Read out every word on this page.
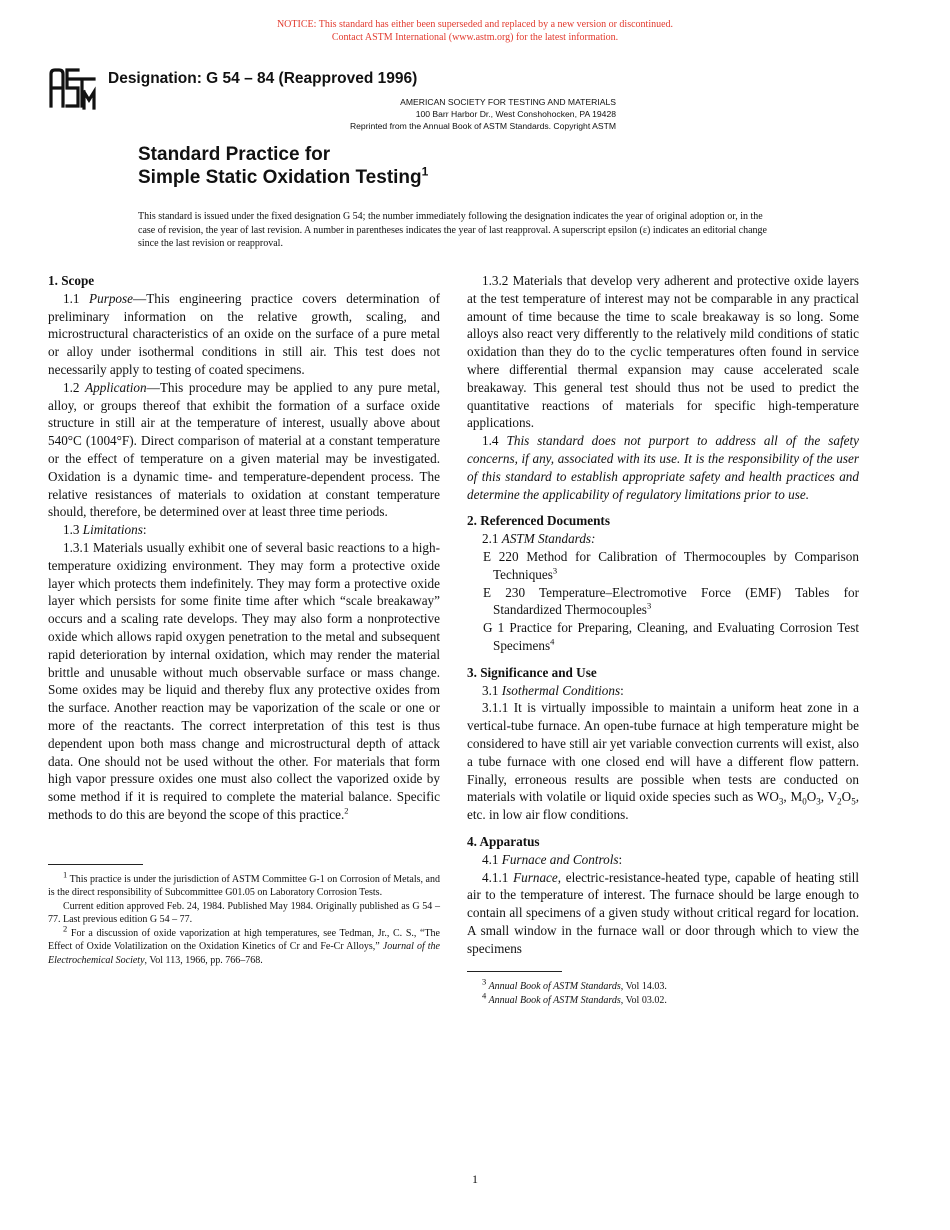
NOTICE: This standard has either been superseded and replaced by a new version or discontinued.
Contact ASTM International (www.astm.org) for the latest information.
ASTM
Designation: G 54 – 84 (Reapproved 1996)
AMERICAN SOCIETY FOR TESTING AND MATERIALS
100 Barr Harbor Dr., West Conshohocken, PA 19428
Reprinted from the Annual Book of ASTM Standards. Copyright ASTM
Standard Practice for
Simple Static Oxidation Testing$^1$
This standard is issued under the fixed designation G 54; the number immediately following the designation indicates the year of original adoption or, in the case of revision, the year of last revision. A number in parentheses indicates the year of last reapproval. A superscript epsilon (ε) indicates an editorial change since the last revision or reapproval.
1. Scope

1.1 Purpose—This engineering practice covers determination of preliminary information on the relative growth, scaling, and microstructural characteristics of an oxide on the surface of a pure metal or alloy under isothermal conditions in still air. This test does not necessarily apply to testing of coated specimens.

1.2 Application—This procedure may be applied to any pure metal, alloy, or groups thereof that exhibit the formation of a surface oxide structure in still air at the temperature of interest, usually above about 540°C (1004°F). Direct comparison of material at a constant temperature or the effect of temperature on a given material may be investigated. Oxidation is a dynamic time- and temperature-dependent process. The relative resistances of materials to oxidation at constant temperature should, therefore, be determined over at least three time periods.

1.3 Limitations:

1.3.1 Materials usually exhibit one of several basic reactions to a high-temperature oxidizing environment. They may form a protective oxide layer which protects them indefinitely. They may form a protective oxide layer which persists for some finite time after which “scale breakaway” occurs and a scaling rate develops. They may also form a nonprotective oxide which allows rapid oxygen penetration to the metal and subsequent rapid deterioration by internal oxidation, which may render the material brittle and unusable without much observable surface or mass change. Some oxides may be liquid and thereby flux any protective oxides from the surface. Another reaction may be vaporization of the scale or one or more of the reactants. The correct interpretation of this test is thus dependent upon both mass change and microstructural depth of attack data. One should not be used without the other. For materials that form high vapor pressure oxides one must also collect the vaporized oxide by some method if it is required to complete the material balance. Specific methods to do this are beyond the scope of this practice.$^2$

$^1$ This practice is under the jurisdiction of ASTM Committee G-1 on Corrosion of Metals, and is the direct responsibility of Subcommittee G01.05 on Laboratory Corrosion Tests.

Current edition approved Feb. 24, 1984. Published May 1984. Originally published as G 54 – 77. Last previous edition G 54 – 77.

$^2$ For a discussion of oxide vaporization at high temperatures, see Tedman, Jr., C. S., “The Effect of Oxide Volatilization on the Oxidation Kinetics of Cr and Fe-Cr Alloys,” Journal of the Electrochemical Society, Vol 113, 1966, pp. 766–768.

1.3.2 Materials that develop very adherent and protective oxide layers at the test temperature of interest may not be comparable in any practical amount of time because the time to scale breakaway is so long. Some alloys also react very differently to the relatively mild conditions of static oxidation than they do to the cyclic temperatures often found in service where differential thermal expansion may cause accelerated scale breakaway. This general test should thus not be used to predict the quantitative reactions of materials for specific high-temperature applications.

1.4 This standard does not purport to address all of the safety concerns, if any, associated with its use. It is the responsibility of the user of this standard to establish appropriate safety and health practices and determine the applicability of regulatory limitations prior to use.

2. Referenced Documents

2.1 ASTM Standards:

E 220 Method for Calibration of Thermocouples by Comparison Techniques$^3$

E 230 Temperature–Electromotive Force (EMF) Tables for Standardized Thermocouples$^3$

G 1 Practice for Preparing, Cleaning, and Evaluating Corrosion Test Specimens$^4$

3. Significance and Use

3.1 Isothermal Conditions:

3.1.1 It is virtually impossible to maintain a uniform heat zone in a vertical-tube furnace. An open-tube furnace at high temperature might be considered to have still air yet variable convection currents will exist, also a tube furnace with one closed end will have a different flow pattern. Finally, erroneous results are possible when tests are conducted on materials with volatile or liquid oxide species such as $WO_3$, $M_0O_3$, $V_2O_5$, etc. in low air flow conditions.

4. Apparatus

4.1 Furnace and Controls:

4.1.1 Furnace, electric-resistance-heated type, capable of heating still air to the temperature of interest. The furnace should be large enough to contain all specimens of a given study without critical regard for location. A small window in the furnace wall or door through which to view the specimens

$^3$ Annual Book of ASTM Standards, Vol 14.03.

$^4$ Annual Book of ASTM Standards, Vol 03.02.

1
